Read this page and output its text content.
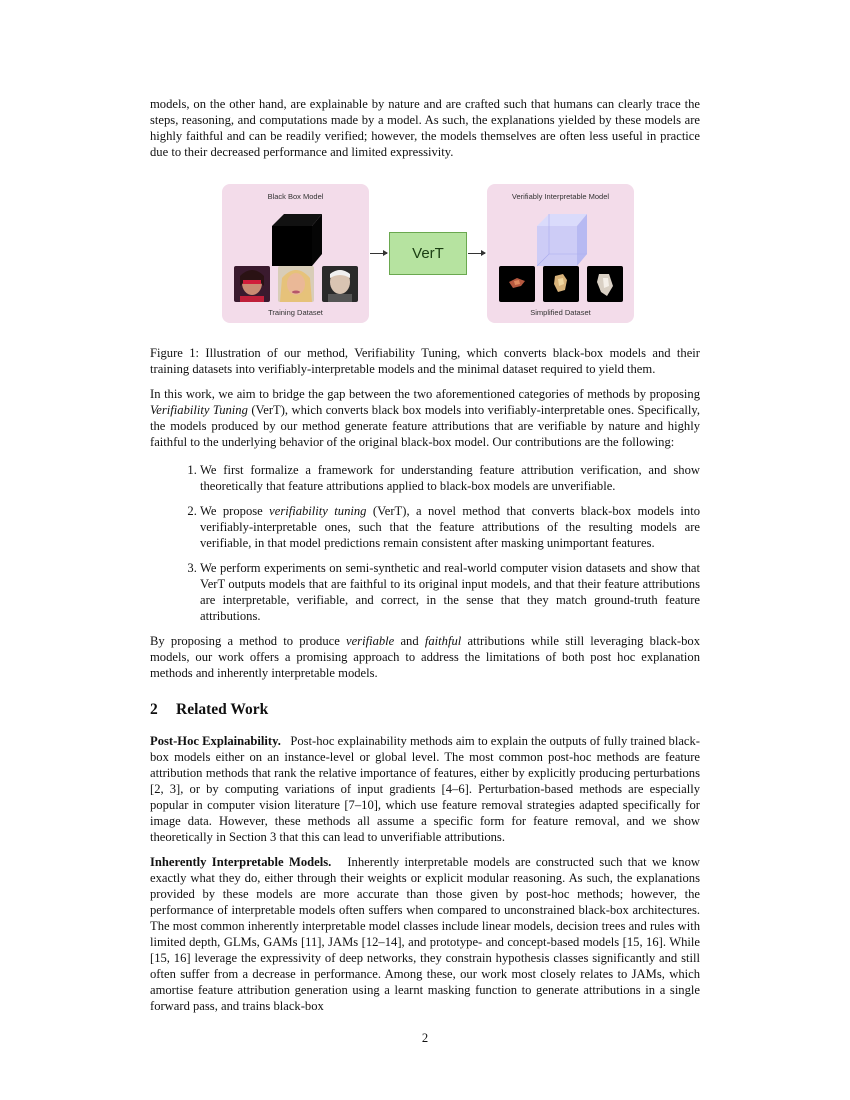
models, on the other hand, are explainable by nature and are crafted such that humans can clearly trace the steps, reasoning, and computations made by a model. As such, the explanations yielded by these models are highly faithful and can be readily verified; however, the models themselves are often less useful in practice due to their decreased performance and limited expressivity.

Black Box Model
Training Dataset
VerT
Verifiably Interpretable Model
Simplified Dataset

Figure 1: Illustration of our method, Verifiability Tuning, which converts black-box models and their training datasets into verifiably-interpretable models and the minimal dataset required to yield them.

In this work, we aim to bridge the gap between the two aforementioned categories of methods by proposing Verifiability Tuning (VerT), which converts black box models into verifiably-interpretable ones. Specifically, the models produced by our method generate feature attributions that are verifiable by nature and highly faithful to the underlying behavior of the original black-box model. Our contributions are the following:

1. We first formalize a framework for understanding feature attribution verification, and show theoretically that feature attributions applied to black-box models are unverifiable.
2. We propose verifiability tuning (VerT), a novel method that converts black-box models into verifiably-interpretable ones, such that the feature attributions of the resulting models are verifiable, in that model predictions remain consistent after masking unimportant features.
3. We perform experiments on semi-synthetic and real-world computer vision datasets and show that VerT outputs models that are faithful to its original input models, and that their feature attributions are interpretable, verifiable, and correct, in the sense that they match ground-truth feature attributions.

By proposing a method to produce verifiable and faithful attributions while still leveraging black-box models, our work offers a promising approach to address the limitations of both post hoc explanation methods and inherently interpretable models.

2 Related Work

Post-Hoc Explainability. Post-hoc explainability methods aim to explain the outputs of fully trained black-box models either on an instance-level or global level. The most common post-hoc methods are feature attribution methods that rank the relative importance of features, either by explicitly producing perturbations [2, 3], or by computing variations of input gradients [4–6]. Perturbation-based methods are especially popular in computer vision literature [7–10], which use feature removal strategies adapted specifically for image data. However, these methods all assume a specific form for feature removal, and we show theoretically in Section 3 that this can lead to unverifiable attributions.

Inherently Interpretable Models. Inherently interpretable models are constructed such that we know exactly what they do, either through their weights or explicit modular reasoning. As such, the explanations provided by these models are more accurate than those given by post-hoc methods; however, the performance of interpretable models often suffers when compared to unconstrained black-box architectures. The most common inherently interpretable model classes include linear models, decision trees and rules with limited depth, GLMs, GAMs [11], JAMs [12–14], and prototype- and concept-based models [15, 16]. While [15, 16] leverage the expressivity of deep networks, they constrain hypothesis classes significantly and still often suffer from a decrease in performance. Among these, our work most closely relates to JAMs, which amortise feature attribution generation using a learnt masking function to generate attributions in a single forward pass, and trains black-box

2
